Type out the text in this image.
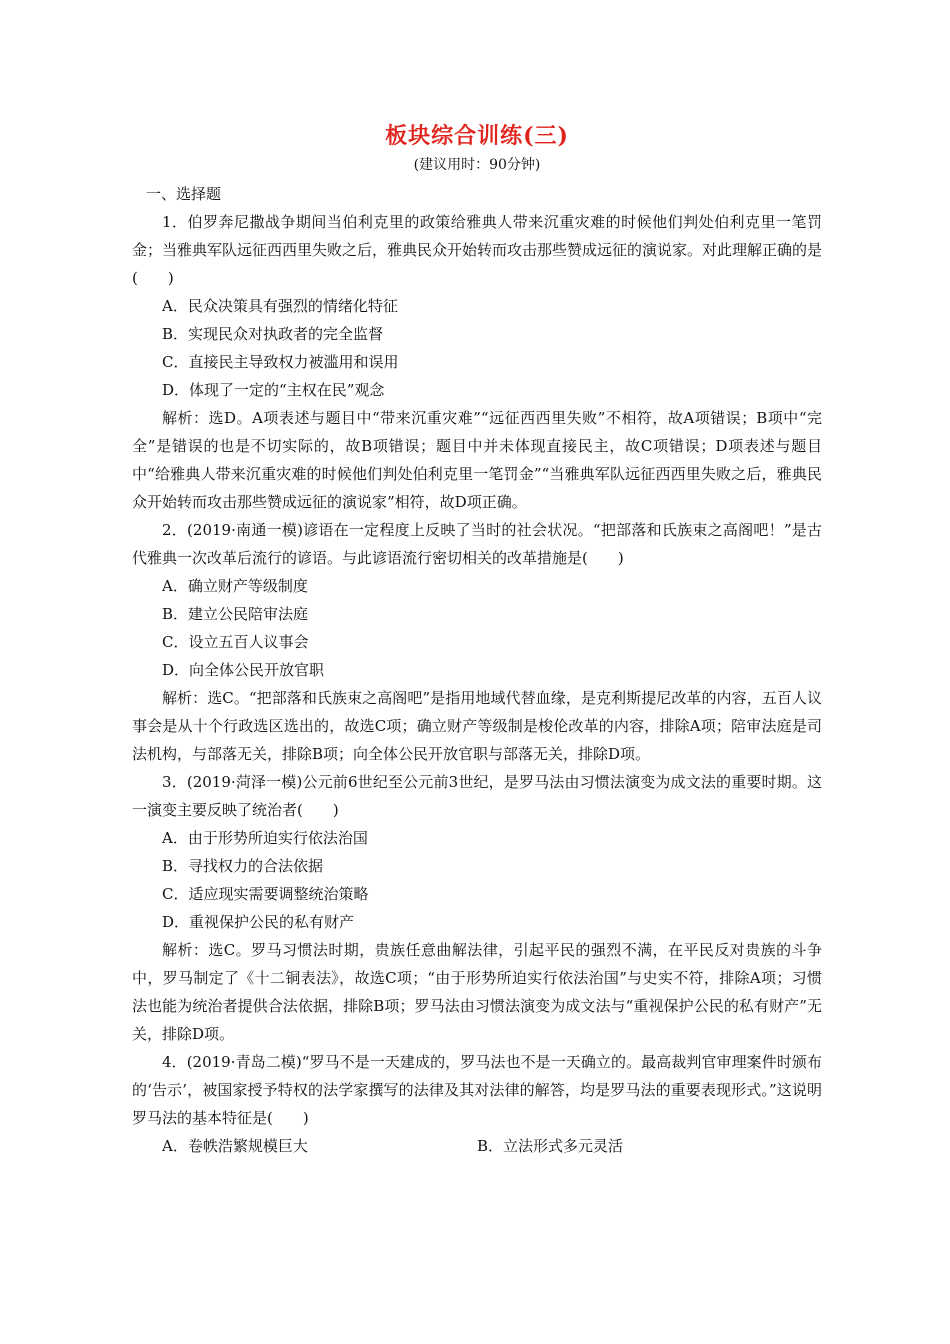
板块综合训练(三)
(建议用时：90分钟)
一、选择题
1．伯罗奔尼撒战争期间当伯利克里的政策给雅典人带来沉重灾难的时候他们判处伯利克里一笔罚金；当雅典军队远征西西里失败之后，雅典民众开始转而攻击那些赞成远征的演说家。对此理解正确的是(　　)
A．民众决策具有强烈的情绪化特征
B．实现民众对执政者的完全监督
C．直接民主导致权力被滥用和误用
D．体现了一定的“主权在民”观念
解析：选D。A项表述与题目中“带来沉重灾难”“远征西西里失败”不相符，故A项错误；B项中“完全”是错误的也是不切实际的，故B项错误；题目中并未体现直接民主，故C项错误；D项表述与题目中“给雅典人带来沉重灾难的时候他们判处伯利克里一笔罚金”“当雅典军队远征西西里失败之后，雅典民众开始转而攻击那些赞成远征的演说家”相符，故D项正确。
2．(2019·南通一模)谚语在一定程度上反映了当时的社会状况。“把部落和氏族束之高阁吧！”是古代雅典一次改革后流行的谚语。与此谚语流行密切相关的改革措施是(　　)
A．确立财产等级制度
B．建立公民陪审法庭
C．设立五百人议事会
D．向全体公民开放官职
解析：选C。“把部落和氏族束之高阁吧”是指用地域代替血缘，是克利斯提尼改革的内容，五百人议事会是从十个行政选区选出的，故选C项；确立财产等级制是梭伦改革的内容，排除A项；陪审法庭是司法机构，与部落无关，排除B项；向全体公民开放官职与部落无关，排除D项。
3．(2019·菏泽一模)公元前6世纪至公元前3世纪，是罗马法由习惯法演变为成文法的重要时期。这一演变主要反映了统治者(　　)
A．由于形势所迫实行依法治国
B．寻找权力的合法依据
C．适应现实需要调整统治策略
D．重视保护公民的私有财产
解析：选C。罗马习惯法时期，贵族任意曲解法律，引起平民的强烈不满，在平民反对贵族的斗争中，罗马制定了《十二铜表法》，故选C项；“由于形势所迫实行依法治国”与史实不符，排除A项；习惯法也能为统治者提供合法依据，排除B项；罗马法由习惯法演变为成文法与“重视保护公民的私有财产”无关，排除D项。
4．(2019·青岛二模)“罗马不是一天建成的，罗马法也不是一天确立的。最高裁判官审理案件时颁布的‘告示’，被国家授予特权的法学家撰写的法律及其对法律的解答，均是罗马法的重要表现形式。”这说明罗马法的基本特征是(　　)
A．卷帙浩繁规模巨大	B．立法形式多元灵活
